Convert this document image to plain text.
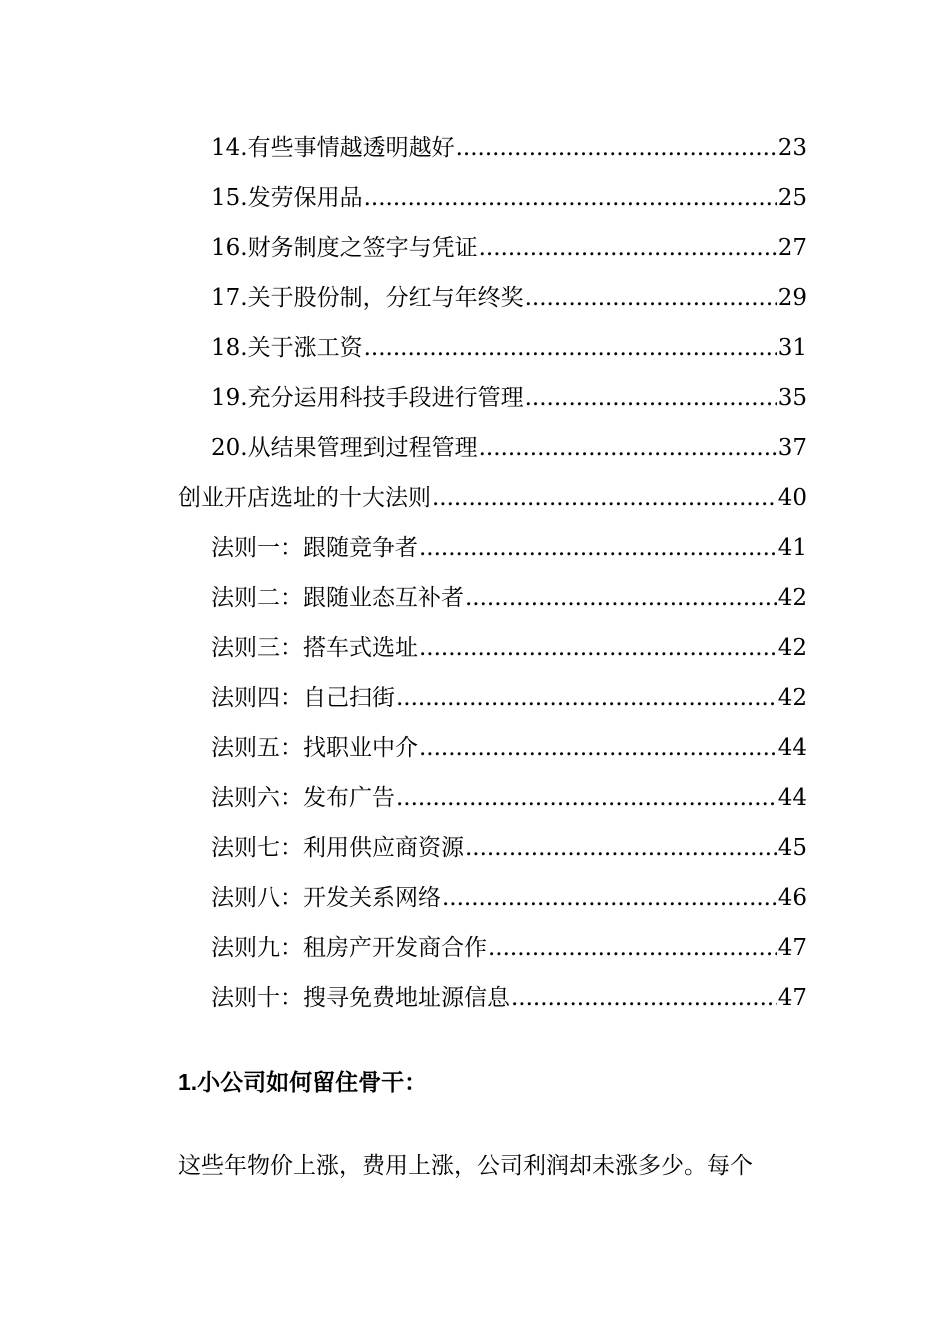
14.有些事情越透明越好 .....	23
15.发劳保用品 .....	25
16.财务制度之签字与凭证 .....	27
17.关于股份制，分红与年终奖 .....	29
18.关于涨工资 .....	31
19.充分运用科技手段进行管理 .....	35
20.从结果管理到过程管理 .....	37
创业开店选址的十大法则 .....	40
法则一：跟随竞争者 .....	41
法则二：跟随业态互补者 .....	42
法则三：搭车式选址 .....	42
法则四：自己扫街 .....	42
法则五：找职业中介 .....	44
法则六：发布广告 .....	44
法则七：利用供应商资源 .....	45
法则八：开发关系网络 .....	46
法则九：租房产开发商合作 .....	47
法则十：搜寻免费地址源信息 .....	47
1.小公司如何留住骨干：
这些年物价上涨，费用上涨，公司利润却未涨多少。每个
